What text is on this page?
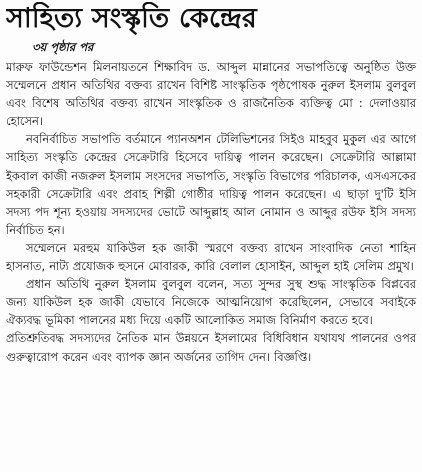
সাহিত্য সংস্কৃতি কেন্দ্রের
৩য় পৃষ্ঠার পর

মারুফ ফাউন্ডেশন মিলনায়তনে শিক্ষাবিদ ড. আব্দুল মান্নানের সভাপতিত্বে অনুষ্ঠিত উক্ত সম্মেলনে প্রধান অতিথির বক্তব্য রাখেন বিশিষ্ট সাংস্কৃতিক পৃষ্ঠপোষক নুরুল ইসলাম বুলবুল এবং বিশেষ অতিথির বক্তব্য রাখেন সাংস্কৃতিক ও রাজনৈতিক ব্যক্তিত্ব মো : দেলাওয়ার হোসেন।

নবনির্বাচিত সভাপতি বর্তমানে প্যানঅশন টেলিভিশনের সিইও মাহবুব মুকুল এর আগে সাহিত্য সংস্কৃতি কেন্দ্রের সেক্রেটারি হিসেবে দায়িত্ব পালন করেছেন। সেক্রেটারি আল্লামা ইকবাল কাজী নজরুল ইসলাম সংসদের সভাপতি, সংস্কৃতি বিভাগের পরিচালক, এসএসকের সহকারী সেক্রেটারি এবং প্রবাহ শিল্পী গোষ্ঠীর দায়িত্ব পালন করেছেন। এ ছাড়া দু'টি ইসি সদস্য পদ শূন্য হওয়ায় সদস্যদের ভোটে আব্দুল্লাহ আল নোমান ও আব্দুর রউফ ইসি সদস্য নির্বাচিত হন।

সম্মেলনে মরহুম যাকিউল হক জাকী স্মরণে বক্তব্য রাখেন সাংবাদিক নেতা শাহিন হাসনাত, নাট্য প্রযোজক হুসনে মোবারক, কারি বেলাল হোসাইন, আব্দুল হাই সেলিম প্রমুখ।

প্রধান অতিথি নুরুল ইসলাম বুলবুল বলেন, সত্য সুন্দর সুস্থ শুদ্ধ সাংস্কৃতিক বিপ্লবের জন্য যাকিউল হক জাকী যেভাবে নিজেকে আত্মনিয়োগ করেছিলেন, সেভাবে সবাইকে ঐক্যবদ্ধ ভূমিকা পালনের মধ্য দিয়ে একটি আলোকিত সমাজ বিনির্মাণ করতে হবে।

প্রতিশ্রুতিবদ্ধ সদস্যদের নৈতিক মান উন্নয়নে ইসলামের বিধিবিধান যথাযথ পালনের ওপর গুরুত্বারোপ করেন এবং ব্যাপক জ্ঞান অর্জনের তাগিদ দেন। বিজ্ঞপ্তি।
